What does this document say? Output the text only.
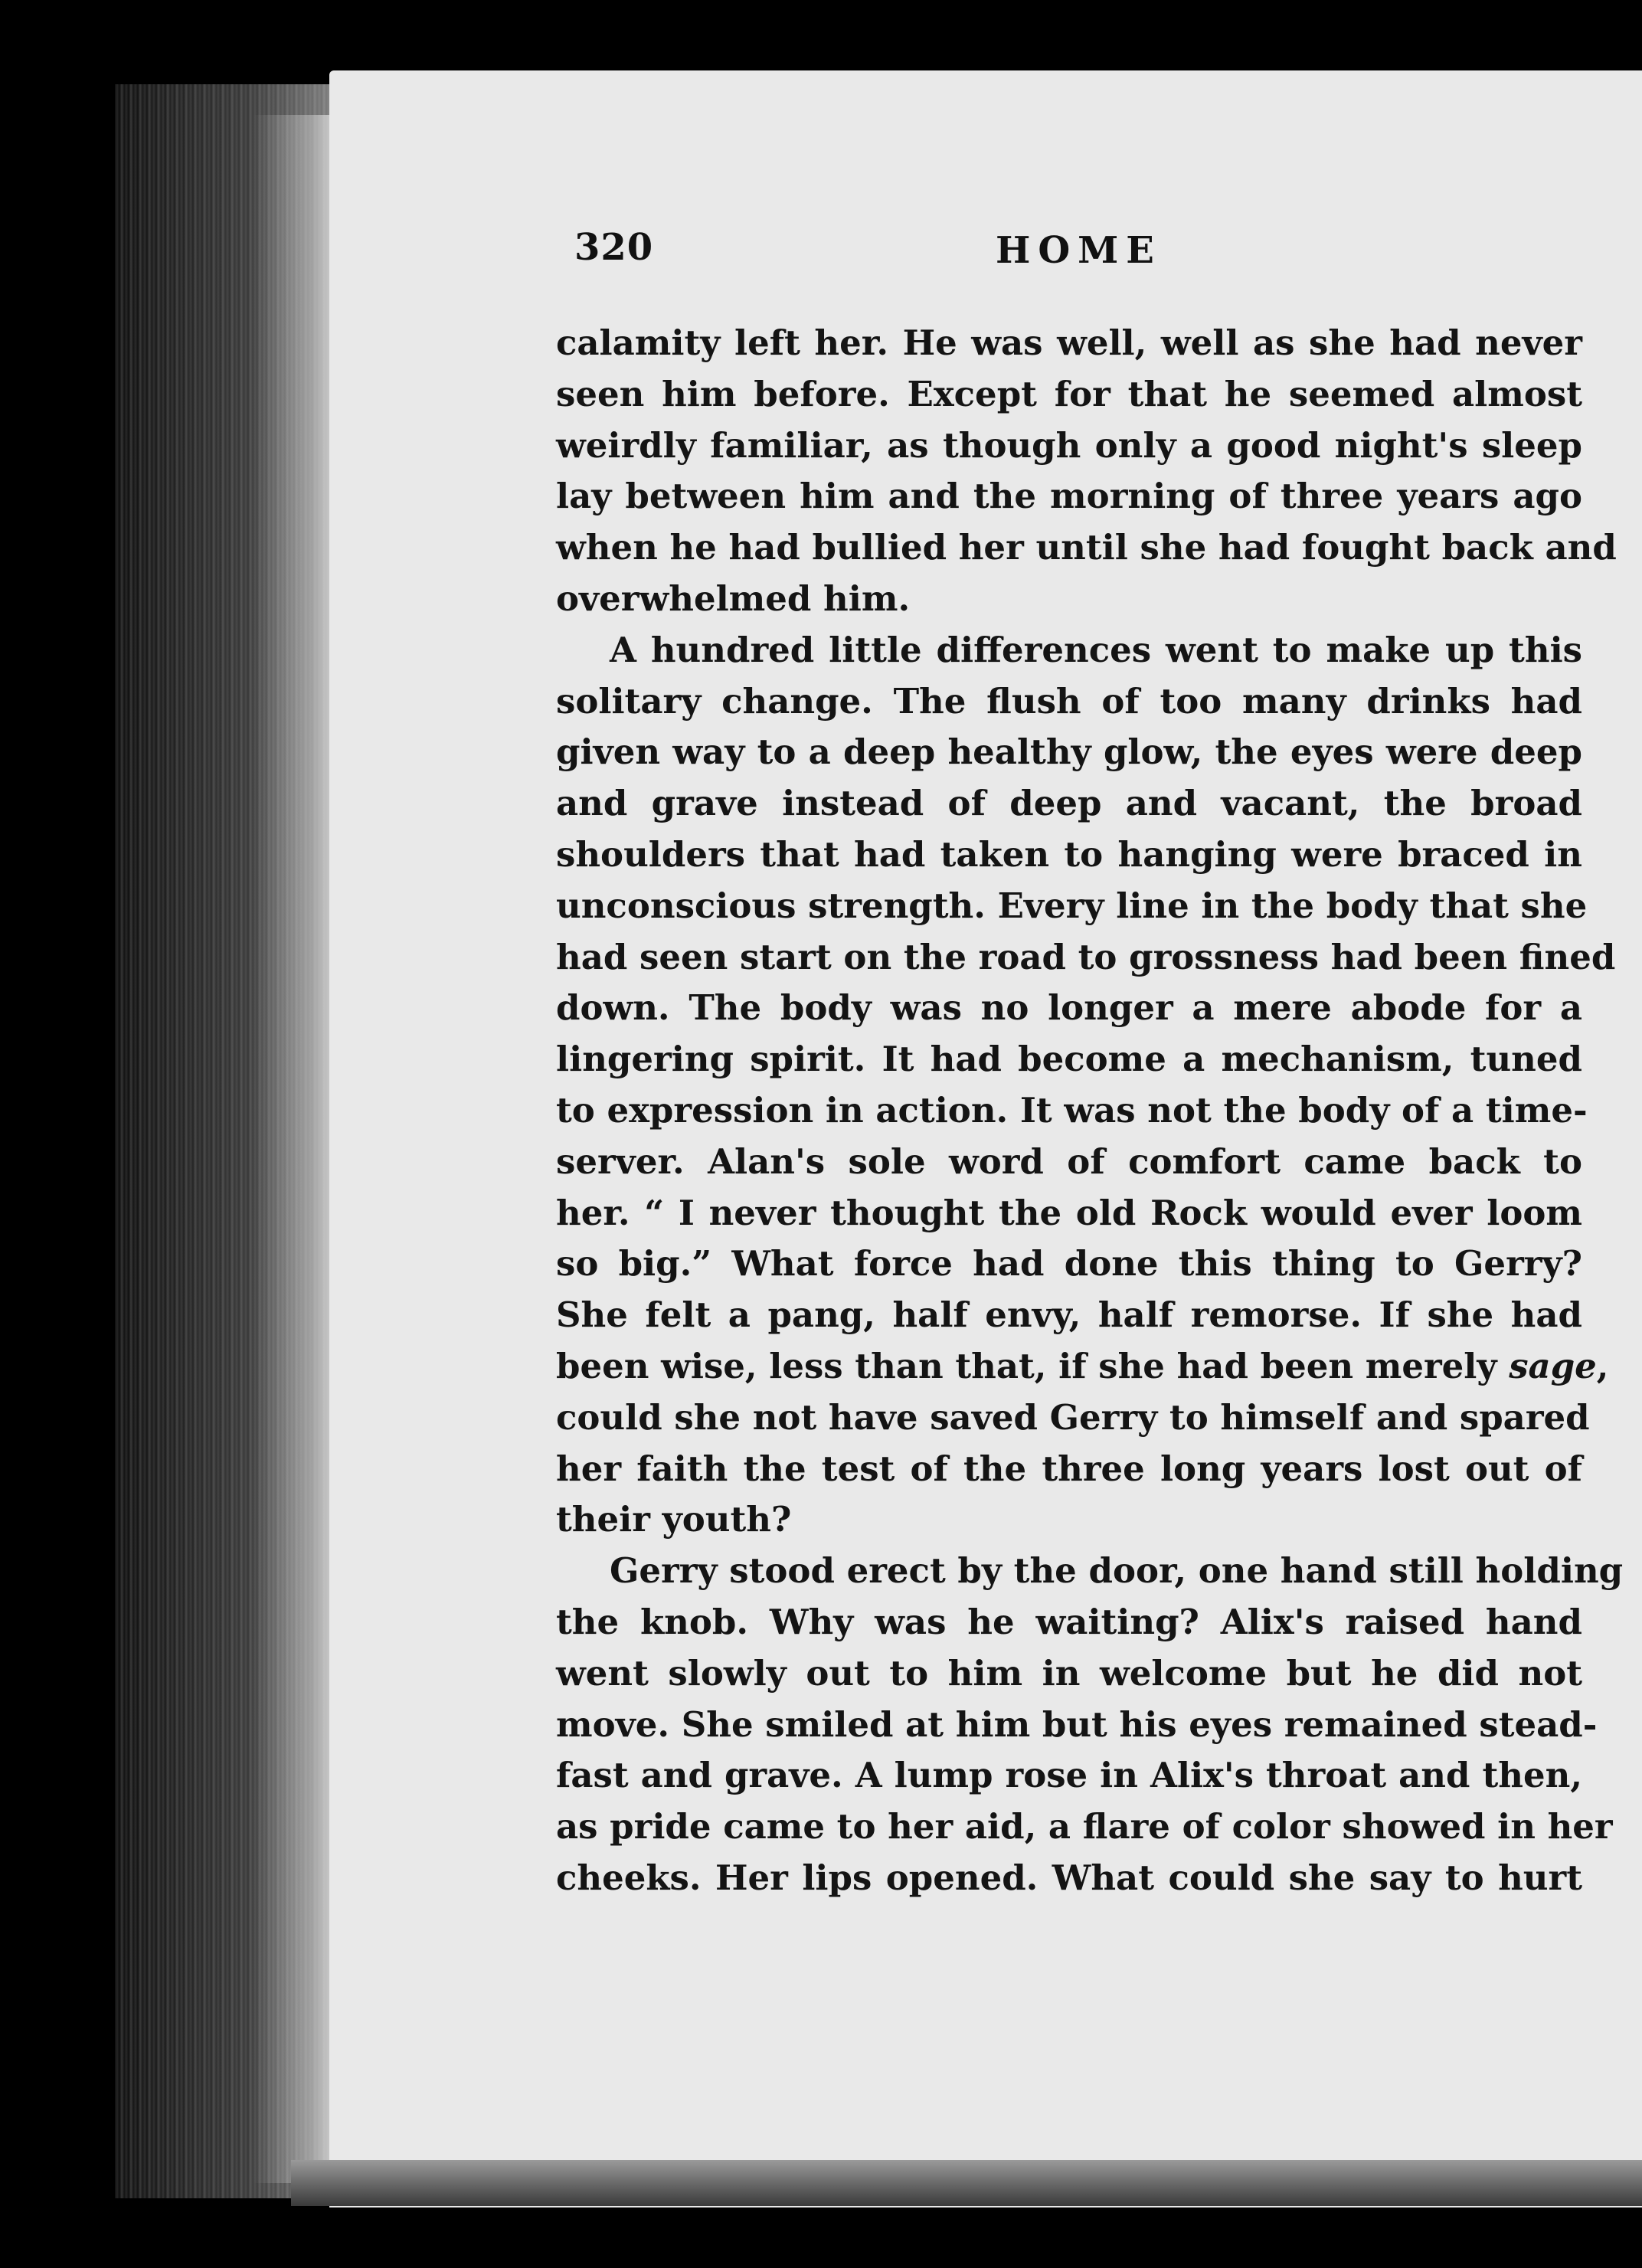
320	HOME
calamity left her. He was well, well as she had never
seen him before. Except for that he seemed almost
weirdly familiar, as though only a good night's sleep
lay between him and the morning of three years ago
when he had bullied her until she had fought back and
overwhelmed him.
A hundred little differences went to make up this
solitary change. The flush of too many drinks had
given way to a deep healthy glow, the eyes were deep
and grave instead of deep and vacant, the broad
shoulders that had taken to hanging were braced in
unconscious strength. Every line in the body that she
had seen start on the road to grossness had been fined
down. The body was no longer a mere abode for a
lingering spirit. It had become a mechanism, tuned
to expression in action. It was not the body of a time-
server. Alan's sole word of comfort came back to
her. “ I never thought the old Rock would ever loom
so big.” What force had done this thing to Gerry?
She felt a pang, half envy, half remorse. If she had
been wise, less than that, if she had been merely sage
could she not have saved Gerry to himself and spared
her faith the test of the three long years lost out of
their youth?
Gerry stood erect by the door, one hand still holding
the knob. Why was he waiting? Alix's raised hand
went slowly out to him in welcome but he did not
move. She smiled at him but his eyes remained stead-
fast and grave. A lump rose in Alix's throat and then,
as pride came to her aid, a flare of color showed in her
cheeks. Her lips opened. What could she say to hurt
